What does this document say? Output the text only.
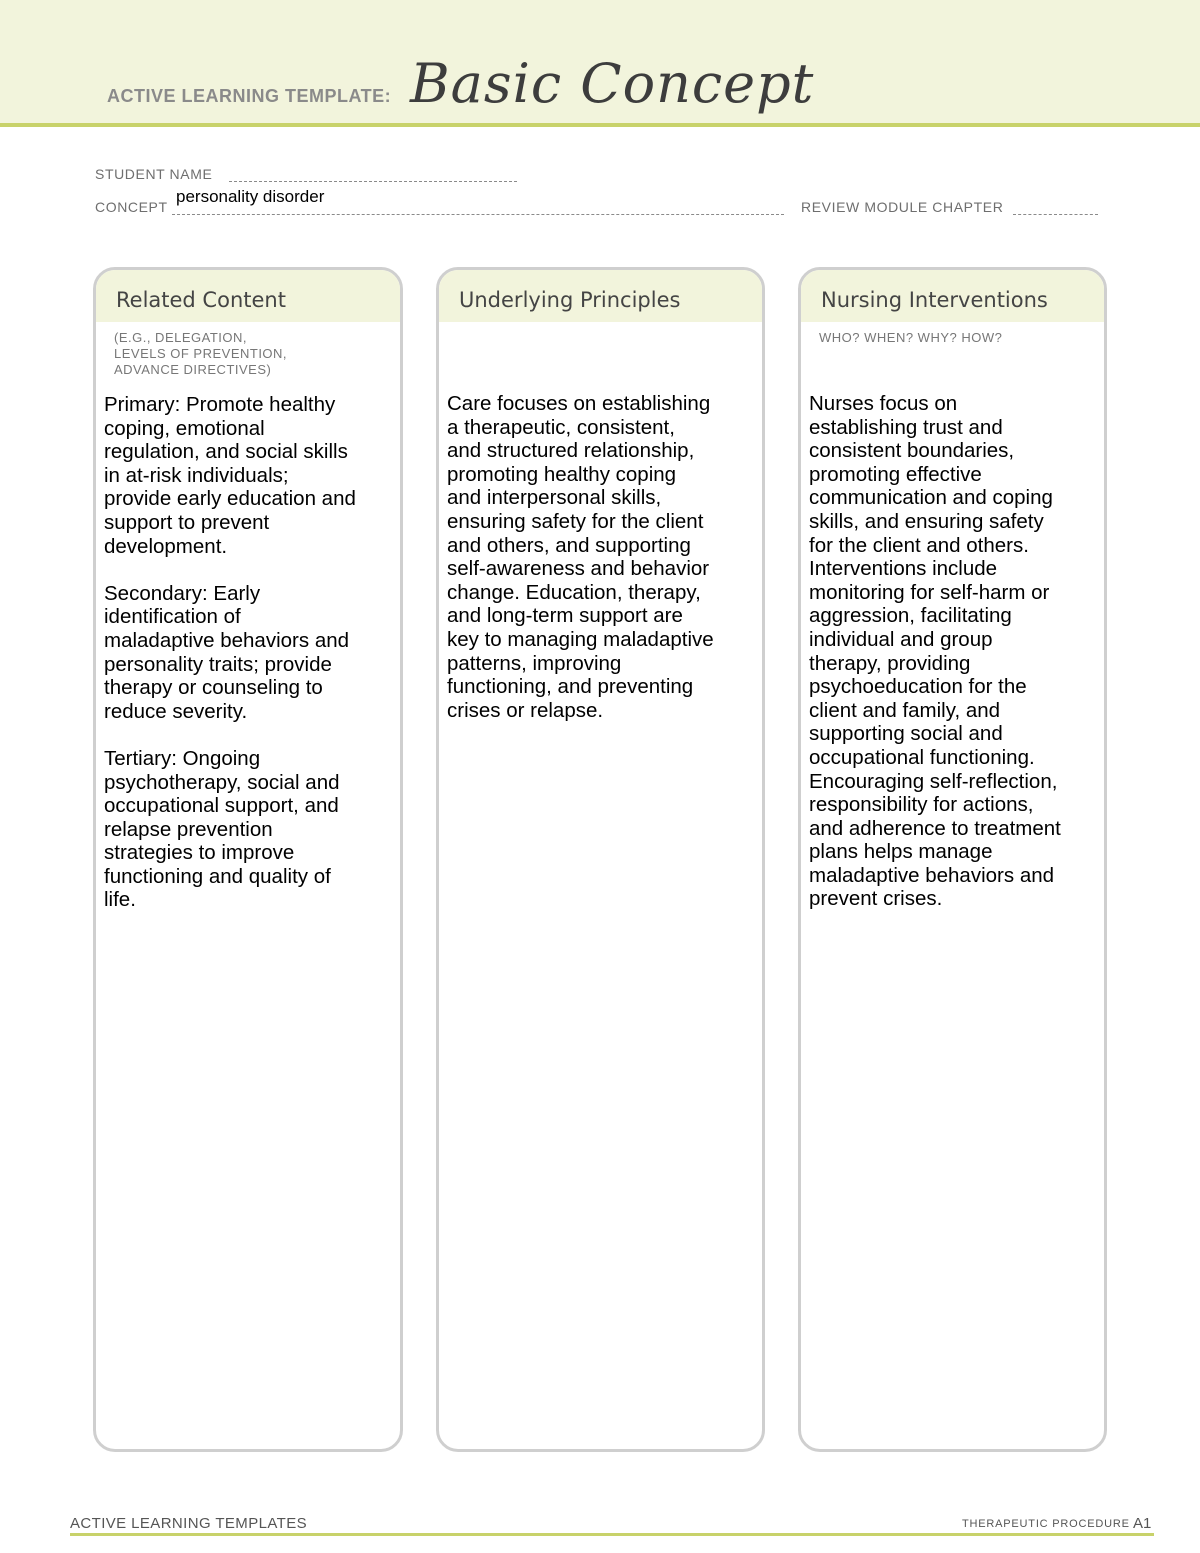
ACTIVE LEARNING TEMPLATE: Basic Concept
STUDENT NAME
CONCEPT
personality disorder
REVIEW MODULE CHAPTER
Related Content
(E.G., DELEGATION,
LEVELS OF PREVENTION,
ADVANCE DIRECTIVES)
Primary: Promote healthy
coping, emotional
regulation, and social skills
in at-risk individuals;
provide early education and
support to prevent
development.

Secondary: Early
identification of
maladaptive behaviors and
personality traits; provide
therapy or counseling to
reduce severity.

Tertiary: Ongoing
psychotherapy, social and
occupational support, and
relapse prevention
strategies to improve
functioning and quality of
life.
Underlying Principles
Care focuses on establishing
a therapeutic, consistent,
and structured relationship,
promoting healthy coping
and interpersonal skills,
ensuring safety for the client
and others, and supporting
self-awareness and behavior
change. Education, therapy,
and long-term support are
key to managing maladaptive
patterns, improving
functioning, and preventing
crises or relapse.
Nursing Interventions
WHO? WHEN? WHY? HOW?
Nurses focus on
establishing trust and
consistent boundaries,
promoting effective
communication and coping
skills, and ensuring safety
for the client and others.
Interventions include
monitoring for self-harm or
aggression, facilitating
individual and group
therapy, providing
psychoeducation for the
client and family, and
supporting social and
occupational functioning.
Encouraging self-reflection,
responsibility for actions,
and adherence to treatment
plans helps manage
maladaptive behaviors and
prevent crises.
ACTIVE LEARNING TEMPLATES	THERAPEUTIC PROCEDURE A1
